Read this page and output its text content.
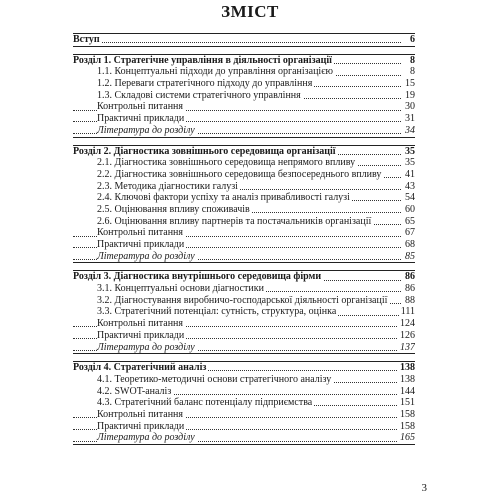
ЗМІСТ
Вступ	6
Розділ 1. Стратегічне управління в діяльності організації	8
1.1. Концептуальні підходи до управління організацією	8
1.2. Переваги стратегічного підходу до управління	15
1.3. Складові системи стратегічного управління	19
Контрольні питання	30
Практичні приклади	31
Література до розділу	34
Розділ 2. Діагностика зовнішнього середовища організації	35
2.1. Діагностика зовнішнього середовища непрямого впливу	35
2.2. Діагностика зовнішнього середовища безпосереднього впливу 41
2.3. Методика діагностики галузі	43
2.4. Ключові фактори успіху та аналіз привабливості галузі	54
2.5. Оцінювання впливу споживачів	60
2.6. Оцінювання впливу партнерів та постачальників організації	65
Контрольні питання	67
Практичні приклади	68
Література до розділу	85
Розділ 3. Діагностика внутрішнього середовища фірми	86
3.1. Концептуальні основи діагностики	86
3.2. Діагностування виробничо-господарської діяльності організації 88
3.3. Стратегічний потенціал: сутність, структура, оцінка	111
Контрольні питання	124
Практичні приклади	126
Література до розділу	137
Розділ 4. Стратегічний аналіз	138
4.1. Теоретико-методичні основи стратегічного аналізу	138
4.2. SWOT-аналіз	144
4.3. Стратегічний баланс потенціалу підприємства	151
Контрольні питання	158
Практичні приклади	158
Література до розділу	165
3
